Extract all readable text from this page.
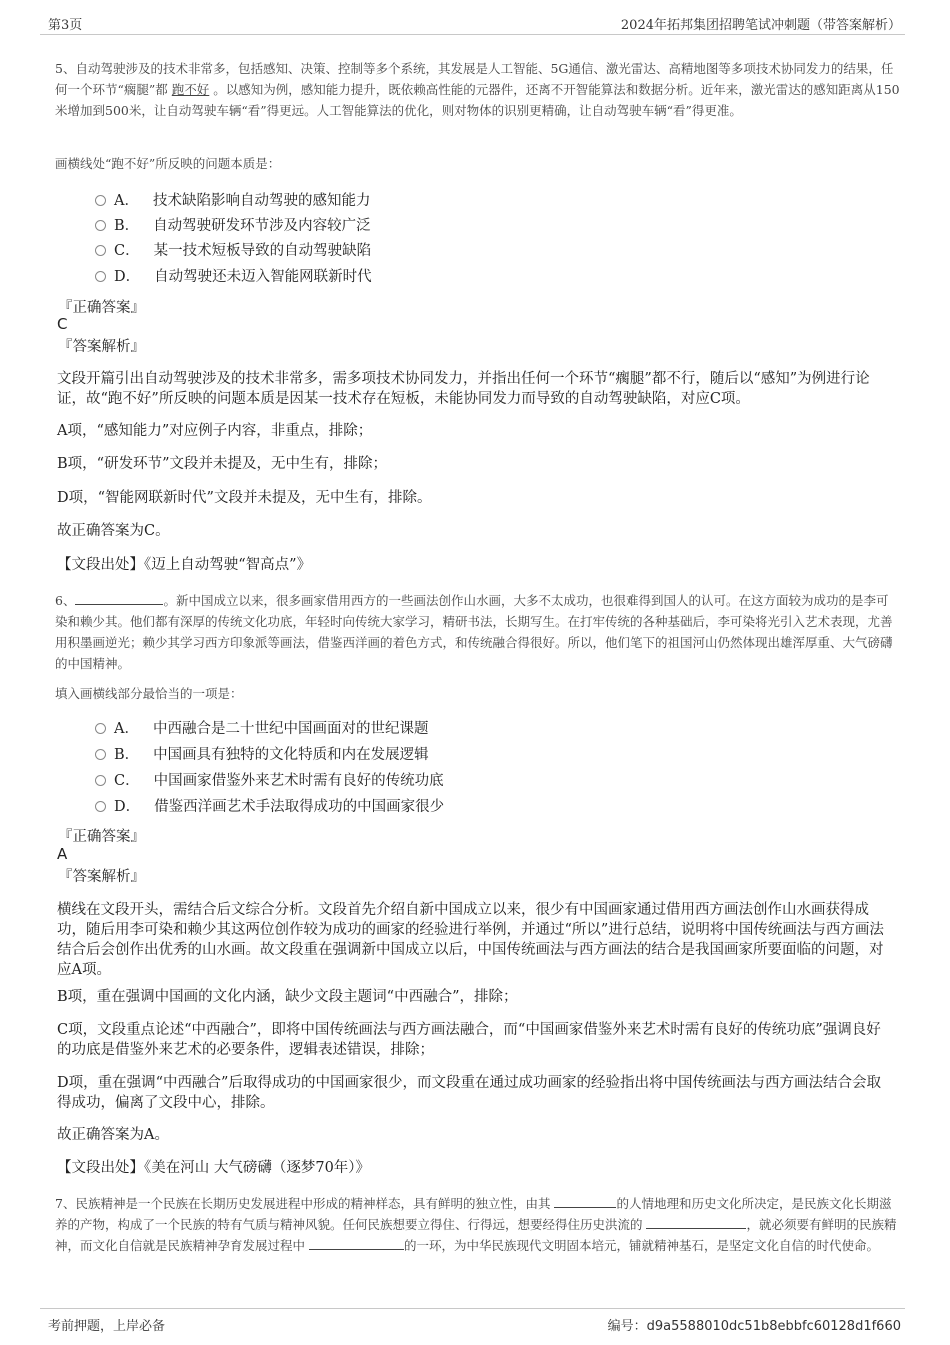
第3页	2024年拓邦集团招聘笔试冲刺题（带答案解析）
5、自动驾驶涉及的技术非常多，包括感知、决策、控制等多个系统，其发展是人工智能、5G通信、激光雷达、高精地图等多项技术协同发力的结果，任何一个环节“瘸腿”都 跑不好 。以感知为例，感知能力提升，既依赖高性能的元器件，还离不开智能算法和数据分析。近年来，激光雷达的感知距离从150米增加到500米，让自动驾驶车辆“看”得更远。人工智能算法的优化，则对物体的识别更精确，让自动驾驶车辆“看”得更准。
画横线处“跑不好”所反映的问题本质是：
A． 技术缺陷影响自动驾驶的感知能力
B． 自动驾驶研发环节涉及内容较广泛
C． 某一技术短板导致的自动驾驶缺陷
D． 自动驾驶还未迈入智能网联新时代
『正确答案』
C
『答案解析』
文段开篇引出自动驾驶涉及的技术非常多，需多项技术协同发力，并指出任何一个环节“瘸腿”都不行，随后以“感知”为例进行论证，故“跑不好”所反映的问题本质是因某一技术存在短板，未能协同发力而导致的自动驾驶缺陷，对应C项。
A项，“感知能力”对应例子内容，非重点，排除；
B项，“研发环节”文段并未提及，无中生有，排除；
D项，“智能网联新时代”文段并未提及，无中生有，排除。
故正确答案为C。
【文段出处】《迈上自动驾驶“智高点”》
6、	。新中国成立以来，很多画家借用西方的一些画法创作山水画，大多不太成功，也很难得到国人的认可。在这方面较为成功的是李可染和赖少其。他们都有深厚的传统文化功底，年轻时向传统大家学习，精研书法，长期写生。在打牢传统的各种基础后，李可染将光引入艺术表现，尤善用积墨画逆光；赖少其学习西方印象派等画法，借鉴西洋画的着色方式，和传统融合得很好。所以，他们笔下的祖国河山仍然体现出雄浑厚重、大气磅礴的中国精神。
填入画横线部分最恰当的一项是：
A． 中西融合是二十世纪中国画面对的世纪课题
B． 中国画具有独特的文化特质和内在发展逻辑
C． 中国画家借鉴外来艺术时需有良好的传统功底
D． 借鉴西洋画艺术手法取得成功的中国画家很少
『正确答案』
A
『答案解析』
横线在文段开头，需结合后文综合分析。文段首先介绍自新中国成立以来，很少有中国画家通过借用西方画法创作山水画获得成功，随后用李可染和赖少其这两位创作较为成功的画家的经验进行举例，并通过“所以”进行总结，说明将中国传统画法与西方画法结合后会创作出优秀的山水画。故文段重在强调新中国成立以后，中国传统画法与西方画法的结合是我国画家所要面临的问题，对应A项。
B项，重在强调中国画的文化内涵，缺少文段主题词“中西融合”，排除；
C项，文段重点论述“中西融合”，即将中国传统画法与西方画法融合，而“中国画家借鉴外来艺术时需有良好的传统功底”强调良好的功底是借鉴外来艺术的必要条件，逻辑表述错误，排除；
D项，重在强调“中西融合”后取得成功的中国画家很少，而文段重在通过成功画家的经验指出将中国传统画法与西方画法结合会取得成功，偏离了文段中心，排除。
故正确答案为A。
【文段出处】《美在河山 大气磅礴（逐梦70年）》
7、民族精神是一个民族在长期历史发展进程中形成的精神样态，具有鲜明的独立性，由其	的人情地理和历史文化所决定，是民族文化长期滋养的产物，构成了一个民族的特有气质与精神风貌。任何民族想要立得住、行得远，想要经得住历史洪流的	，就必须要有鲜明的民族精神，而文化自信就是民族精神孕育发展过程中	的一环，为中华民族现代文明固本培元，铺就精神基石，是坚定文化自信的时代使命。
考前押题，上岸必备	编号：d9a5588010dc51b8ebbfc60128d1f660
